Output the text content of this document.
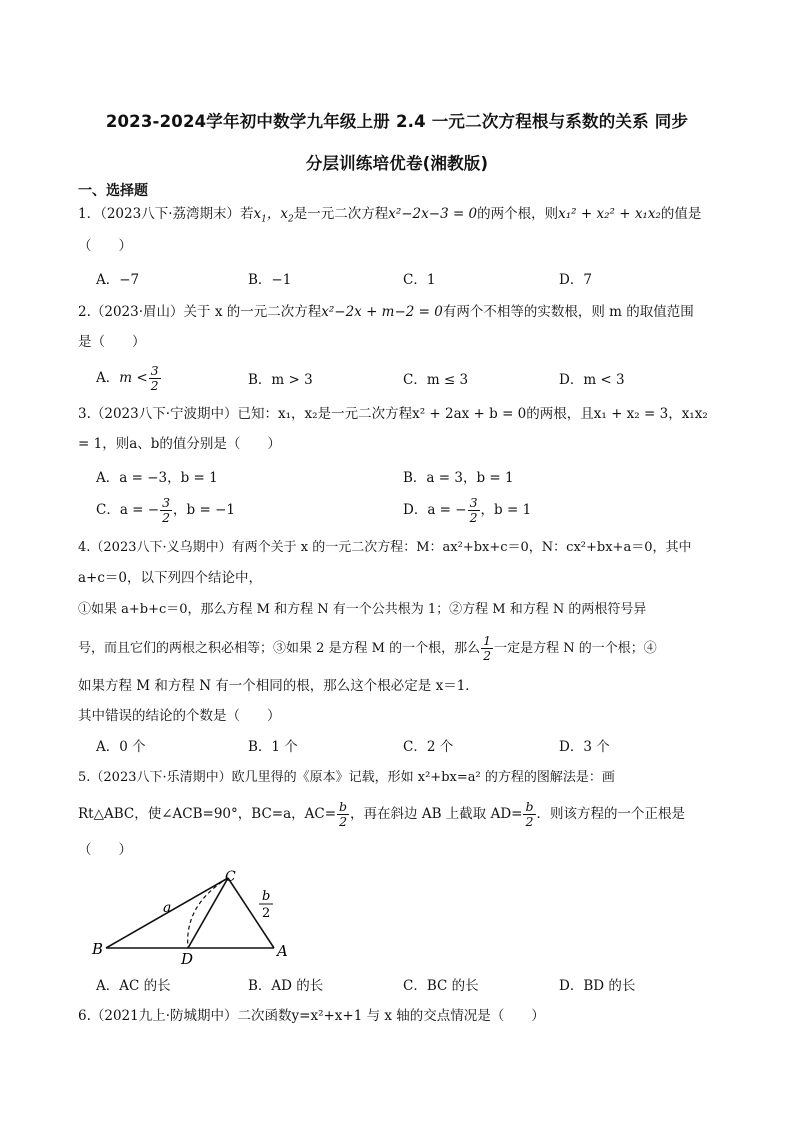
2023-2024学年初中数学九年级上册 2.4 一元二次方程根与系数的关系 同步
分层训练培优卷(湘教版)
一、选择题
1．（2023八下·荔湾期末）若$x_1$，$x_2$是一元二次方程x²−2x−3 = 0的两个根，则x₁² + x₂² + x₁x₂的值是
（　　）
A．−7	B．−1	C．1	D．7
2.（2023·眉山）关于 x 的一元二次方程x²−2x + m−2 = 0有两个不相等的实数根，则 m 的取值范围
是（　　）
A．$m < \frac{3}{2}$	B．m > 3	C．m ≤ 3	D．m < 3
3.（2023八下·宁波期中）已知：x₁，x₂是一元二次方程x² + 2ax + b = 0的两根，且x₁ + x₂ = 3，x₁x₂
= 1，则a、b的值分别是（　　）
A．a = −3，b = 1	B．a = 3，b = 1
C．a = − $\frac{3}{2}$ ，b = −1	D．a = − $\frac{3}{2}$ ，b = 1
4.（2023八下·义乌期中）有两个关于 x 的一元二次方程：M：ax²+bx+c＝0，N：cx²+bx+a＝0，其中
a+c＝0，以下列四个结论中，
①如果 a+b+c＝0，那么方程 M 和方程 N 有一个公共根为 1；②方程 M 和方程 N 的两根符号异
号，而且它们的两根之积必相等；③如果 2 是方程 M 的一个根，那么 $\frac{1}{2}$ 一定是方程 N 的一个根；④
如果方程 M 和方程 N 有一个相同的根，那么这个根必定是 x＝1．
其中错误的结论的个数是（　　）
A．0 个	B．1 个	C．2 个	D．3 个
5.（2023八下·乐清期中）欧几里得的《原本》记载，形如 x²+bx=a² 的方程的图解法是：画
Rt△ABC，使∠ACB=90°，BC=a，$AC= \frac{b}{2}$ ，再在斜边 AB 上截取 $AD= \frac{b}{2}$ ．则该方程的一个正根是
（　　）
C
a
b
2
B
D	A
A．AC 的长	B．AD 的长	C．BC 的长	D．BD 的长
6.（2021九上·防城期中）二次函数y=x²+x+1 与 x 轴的交点情况是（　　）
